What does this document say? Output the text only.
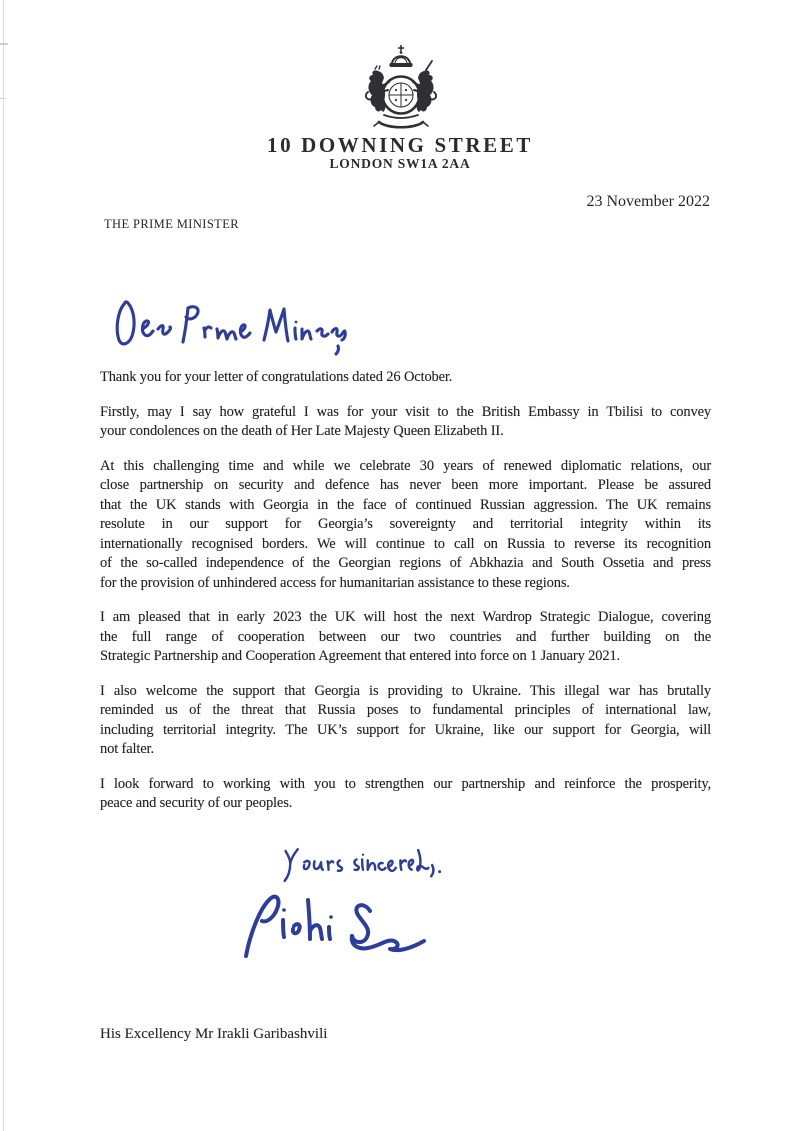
10 DOWNING STREET
LONDON SW1A 2AA
23 November 2022
THE PRIME MINISTER
Thank you for your letter of congratulations dated 26 October.
Firstly, may I say how grateful I was for your visit to the British Embassy in Tbilisi to convey
your condolences on the death of Her Late Majesty Queen Elizabeth II.
At this challenging time and while we celebrate 30 years of renewed diplomatic relations, our
close partnership on security and defence has never been more important. Please be assured
that the UK stands with Georgia in the face of continued Russian aggression. The UK remains
resolute in our support for Georgia’s sovereignty and territorial integrity within its
internationally recognised borders. We will continue to call on Russia to reverse its recognition
of the so-called independence of the Georgian regions of Abkhazia and South Ossetia and press
for the provision of unhindered access for humanitarian assistance to these regions.
I am pleased that in early 2023 the UK will host the next Wardrop Strategic Dialogue, covering
the full range of cooperation between our two countries and further building on the
Strategic Partnership and Cooperation Agreement that entered into force on 1 January 2021.
I also welcome the support that Georgia is providing to Ukraine. This illegal war has brutally
reminded us of the threat that Russia poses to fundamental principles of international law,
including territorial integrity. The UK’s support for Ukraine, like our support for Georgia, will
not falter.
I look forward to working with you to strengthen our partnership and reinforce the prosperity,
peace and security of our peoples.
His Excellency Mr Irakli Garibashvili
